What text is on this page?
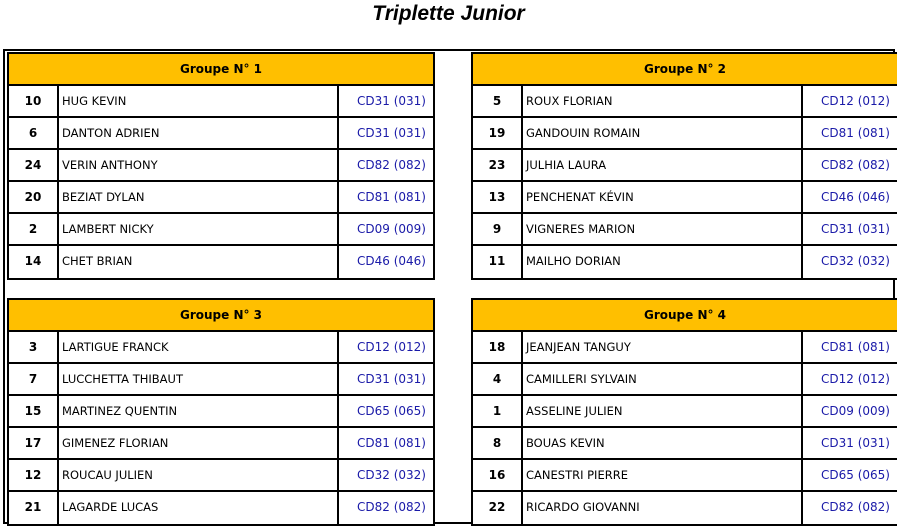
Triplette Junior
Groupe N° 1
10	HUG KEVIN	CD31 (031)
6	DANTON ADRIEN	CD31 (031)
24	VERIN ANTHONY	CD82 (082)
20	BEZIAT DYLAN	CD81 (081)
2	LAMBERT NICKY	CD09 (009)
14	CHET BRIAN	CD46 (046)
Groupe N° 2
5	ROUX FLORIAN	CD12 (012)
19	GANDOUIN ROMAIN	CD81 (081)
23	JULHIA LAURA	CD82 (082)
13	PENCHENAT KÉVIN	CD46 (046)
9	VIGNERES MARION	CD31 (031)
11	MAILHO DORIAN	CD32 (032)
Groupe N° 3
3	LARTIGUE FRANCK	CD12 (012)
7	LUCCHETTA THIBAUT	CD31 (031)
15	MARTINEZ QUENTIN	CD65 (065)
17	GIMENEZ FLORIAN	CD81 (081)
12	ROUCAU JULIEN	CD32 (032)
21	LAGARDE LUCAS	CD82 (082)
Groupe N° 4
18	JEANJEAN TANGUY	CD81 (081)
4	CAMILLERI SYLVAIN	CD12 (012)
1	ASSELINE JULIEN	CD09 (009)
8	BOUAS KEVIN	CD31 (031)
16	CANESTRI PIERRE	CD65 (065)
22	RICARDO GIOVANNI	CD82 (082)
